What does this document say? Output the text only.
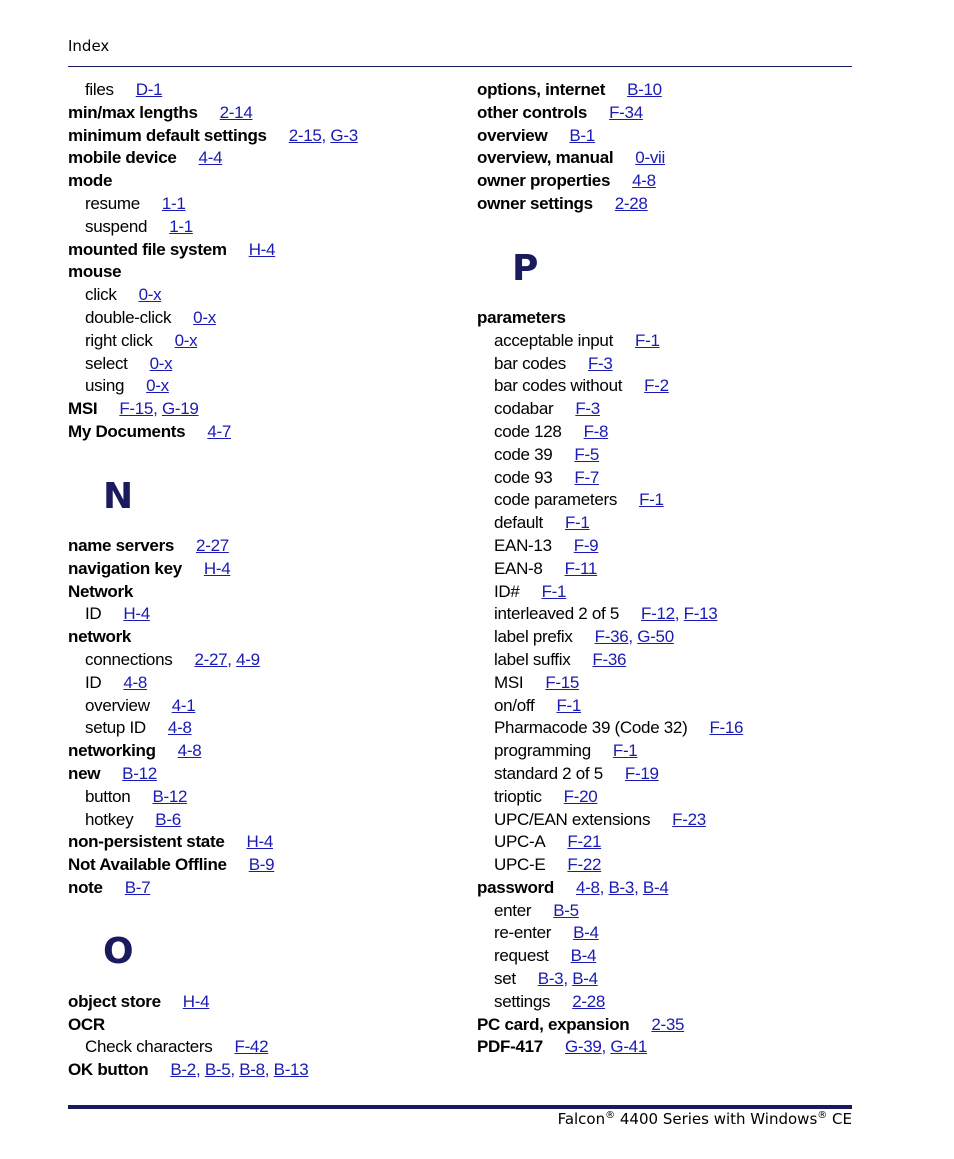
Index
files D-1
min/max lengths 2-14
minimum default settings 2-15, G-3
mobile device 4-4
mode
resume 1-1
suspend 1-1
mounted file system H-4
mouse
click 0-x
double-click 0-x
right click 0-x
select 0-x
using 0-x
MSI F-15, G-19
My Documents 4-7
N
name servers 2-27
navigation key H-4
Network
ID H-4
network
connections 2-27, 4-9
ID 4-8
overview 4-1
setup ID 4-8
networking 4-8
new B-12
button B-12
hotkey B-6
non-persistent state H-4
Not Available Offline B-9
note B-7
O
object store H-4
OCR
Check characters F-42
OK button B-2, B-5, B-8, B-13
options, internet B-10
other controls F-34
overview B-1
overview, manual 0-vii
owner properties 4-8
owner settings 2-28
P
parameters
acceptable input F-1
bar codes F-3
bar codes without F-2
codabar F-3
code 128 F-8
code 39 F-5
code 93 F-7
code parameters F-1
default F-1
EAN-13 F-9
EAN-8 F-11
ID# F-1
interleaved 2 of 5 F-12, F-13
label prefix F-36, G-50
label suffix F-36
MSI F-15
on/off F-1
Pharmacode 39 (Code 32) F-16
programming F-1
standard 2 of 5 F-19
trioptic F-20
UPC/EAN extensions F-23
UPC-A F-21
UPC-E F-22
password 4-8, B-3, B-4
enter B-5
re-enter B-4
request B-4
set B-3, B-4
settings 2-28
PC card, expansion 2-35
PDF-417 G-39, G-41
Falcon® 4400 Series with Windows® CE
